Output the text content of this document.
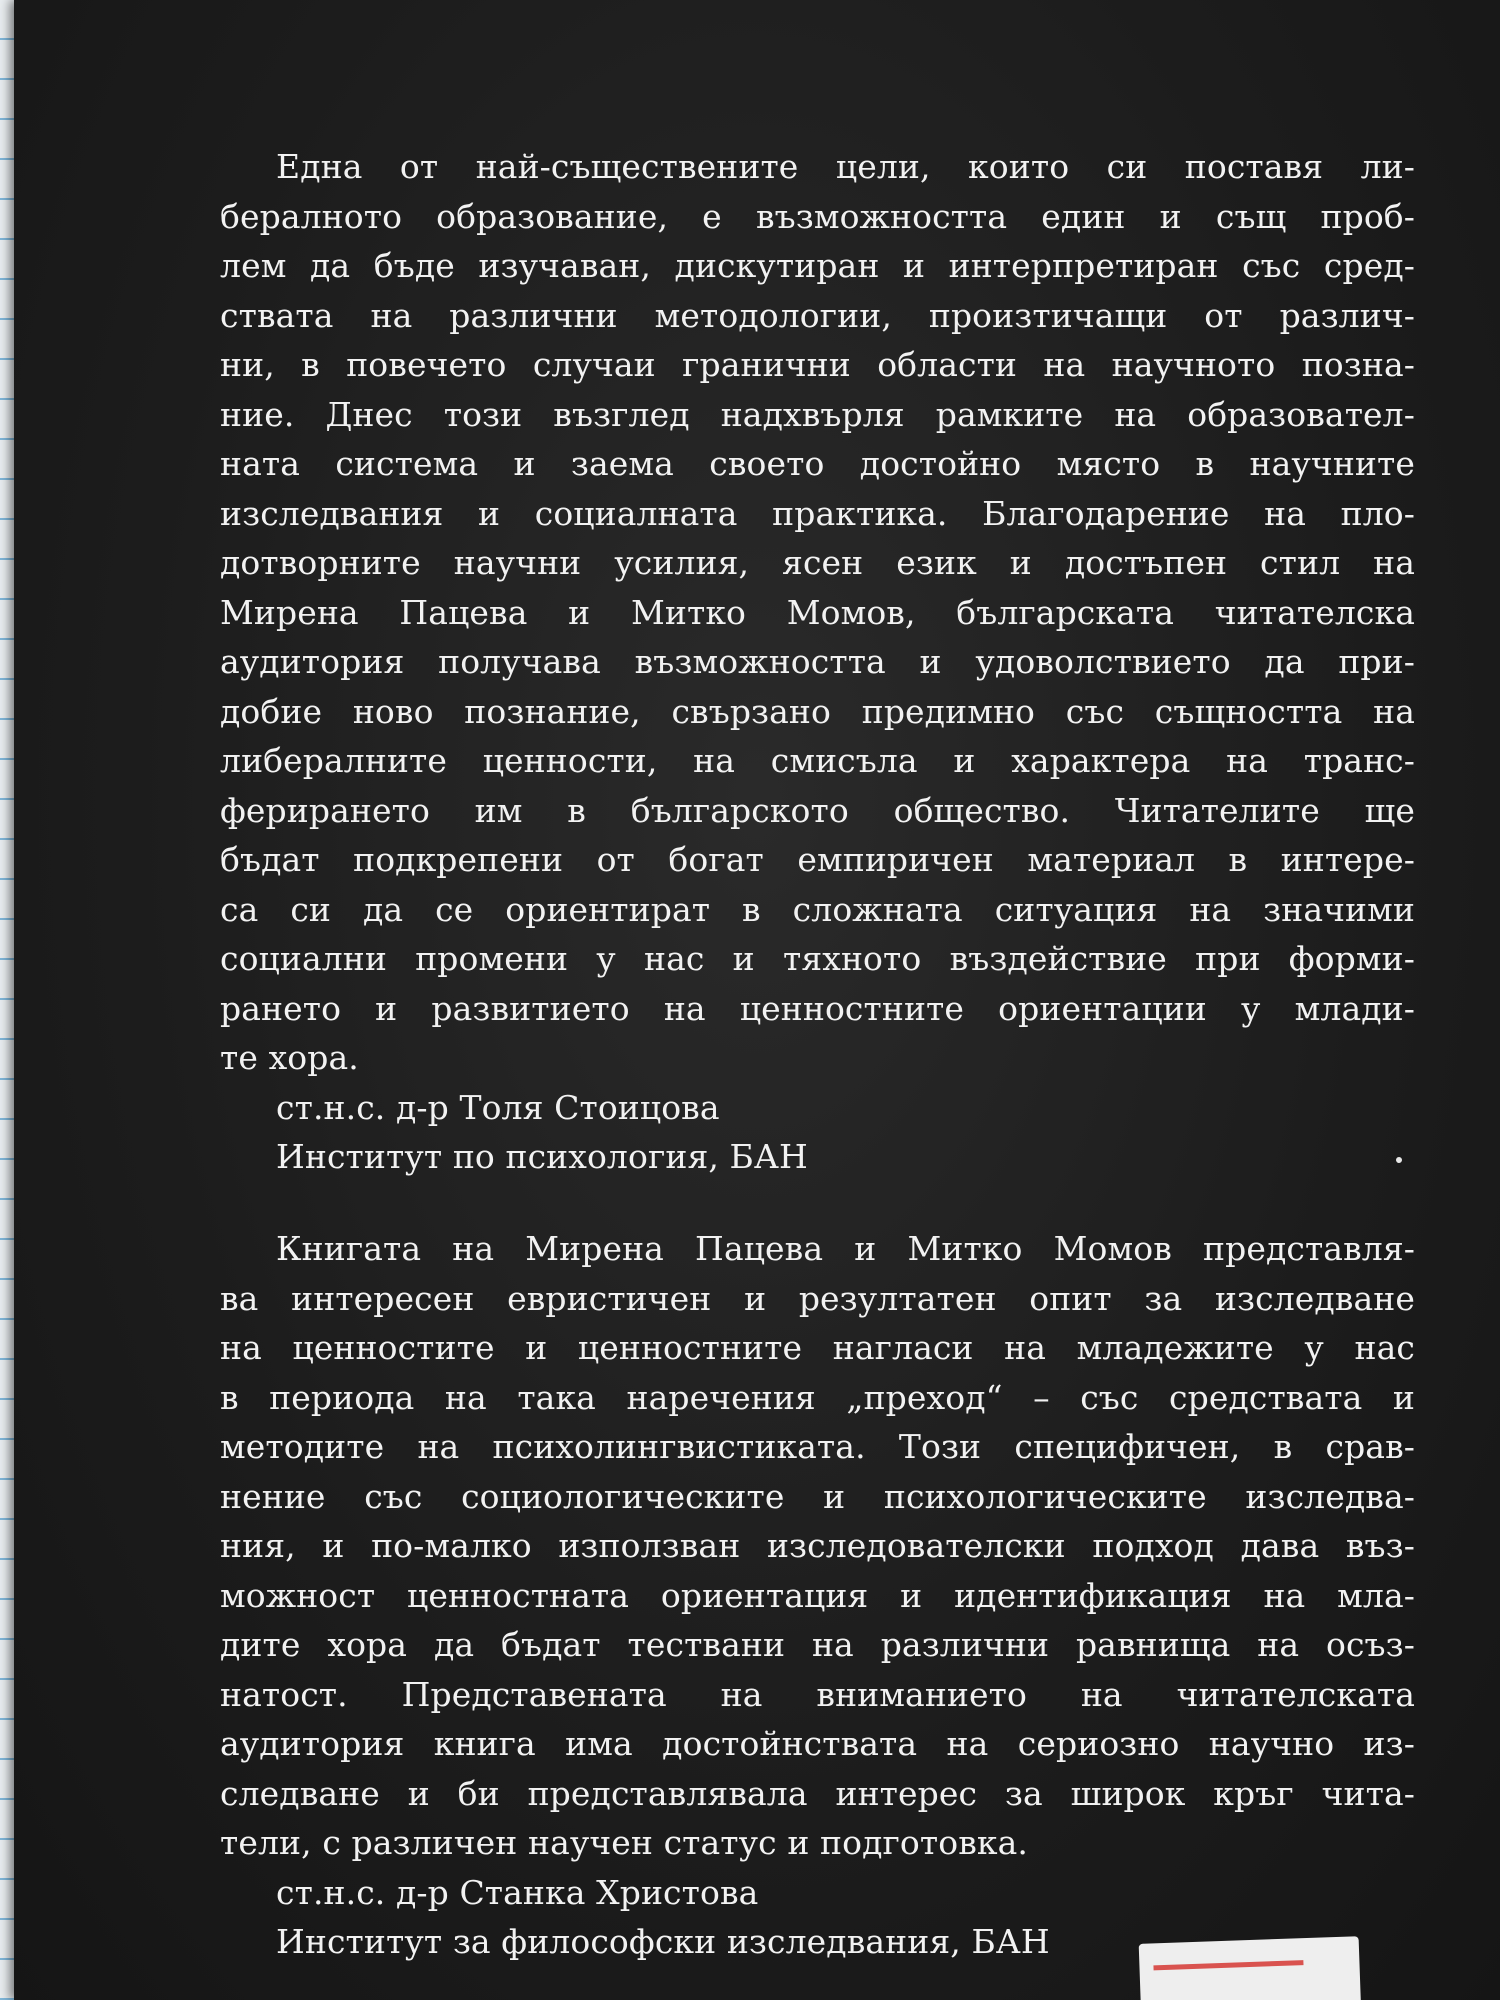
Една от най-съществените цели, които си поставя ли-
бералното образование, е възможността един и същ проб-
лем да бъде изучаван, дискутиран и интерпретиран със сред-
ствата на различни методологии, произтичащи от различ-
ни, в повечето случаи гранични области на научното позна-
ние. Днес този възглед надхвърля рамките на образовател-
ната система и заема своето достойно място в научните
изследвания и социалната практика. Благодарение на пло-
дотворните научни усилия, ясен език и достъпен стил на
Мирена Пацева и Митко Момов, българската читателска
аудитория получава възможността и удоволствието да при-
добие ново познание, свързано предимно със същността на
либералните ценности, на смисъла и характера на транс-
ферирането им в българското общество. Читателите ще
бъдат подкрепени от богат емпиричен материал в интере-
са си да се ориентират в сложната ситуация на значими
социални промени у нас и тяхното въздействие при форми-
рането и развитието на ценностните ориентации у млади-
те хора.
ст.н.с. д-р Толя Стоицова
Институт по психология, БАН
Книгата на Мирена Пацева и Митко Момов представля-
ва интересен евристичен и резултатен опит за изследване
на ценностите и ценностните нагласи на младежите у нас
в периода на така наречения „преход“ – със средствата и
методите на психолингвистиката. Този специфичен, в срав-
нение със социологическите и психологическите изследва-
ния, и по-малко използван изследователски подход дава въз-
можност ценностната ориентация и идентификация на мла-
дите хора да бъдат тествани на различни равнища на осъз-
натост. Представената на вниманието на читателската
аудитория книга има достойнствата на сериозно научно из-
следване и би представлявала интерес за широк кръг чита-
тели, с различен научен статус и подготовка.
ст.н.с. д-р Станка Христова
Институт за философски изследвания, БАН
